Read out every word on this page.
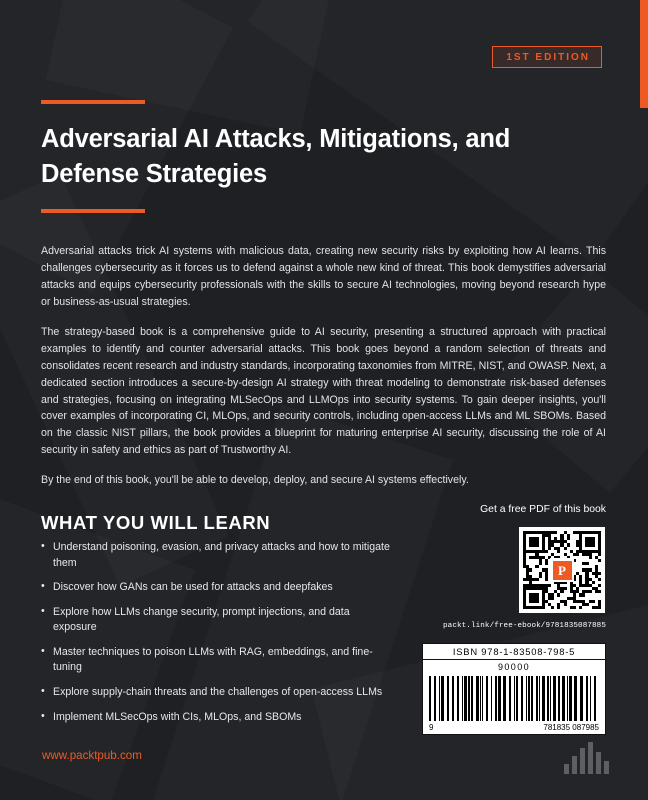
1ST EDITION
Adversarial AI Attacks, Mitigations, and Defense Strategies

Adversarial attacks trick AI systems with malicious data, creating new security risks by exploiting how AI learns. This challenges cybersecurity as it forces us to defend against a whole new kind of threat. This book demystifies adversarial attacks and equips cybersecurity professionals with the skills to secure AI technologies, moving beyond research hype or business-as-usual strategies.

The strategy-based book is a comprehensive guide to AI security, presenting a structured approach with practical examples to identify and counter adversarial attacks. This book goes beyond a random selection of threats and consolidates recent research and industry standards, incorporating taxonomies from MITRE, NIST, and OWASP. Next, a dedicated section introduces a secure-by-design AI strategy with threat modeling to demonstrate risk-based defenses and strategies, focusing on integrating MLSecOps and LLMOps into security systems. To gain deeper insights, you'll cover examples of incorporating CI, MLOps, and security controls, including open-access LLMs and ML SBOMs. Based on the classic NIST pillars, the book provides a blueprint for maturing enterprise AI security, discussing the role of AI security in safety and ethics as part of Trustworthy AI.

By the end of this book, you'll be able to develop, deploy, and secure AI systems effectively.

WHAT YOU WILL LEARN
• Understand poisoning, evasion, and privacy attacks and how to mitigate them
• Discover how GANs can be used for attacks and deepfakes
• Explore how LLMs change security, prompt injections, and data exposure
• Master techniques to poison LLMs with RAG, embeddings, and fine-tuning
• Explore supply-chain threats and the challenges of open-access LLMs
• Implement MLSecOps with CIs, MLOps, and SBOMs
Get a free PDF of this book
P
packt.link/free-ebook/9781835087885
ISBN 978-1-83508-798-5
90000
9	781835 087985
www.packtpub.com
